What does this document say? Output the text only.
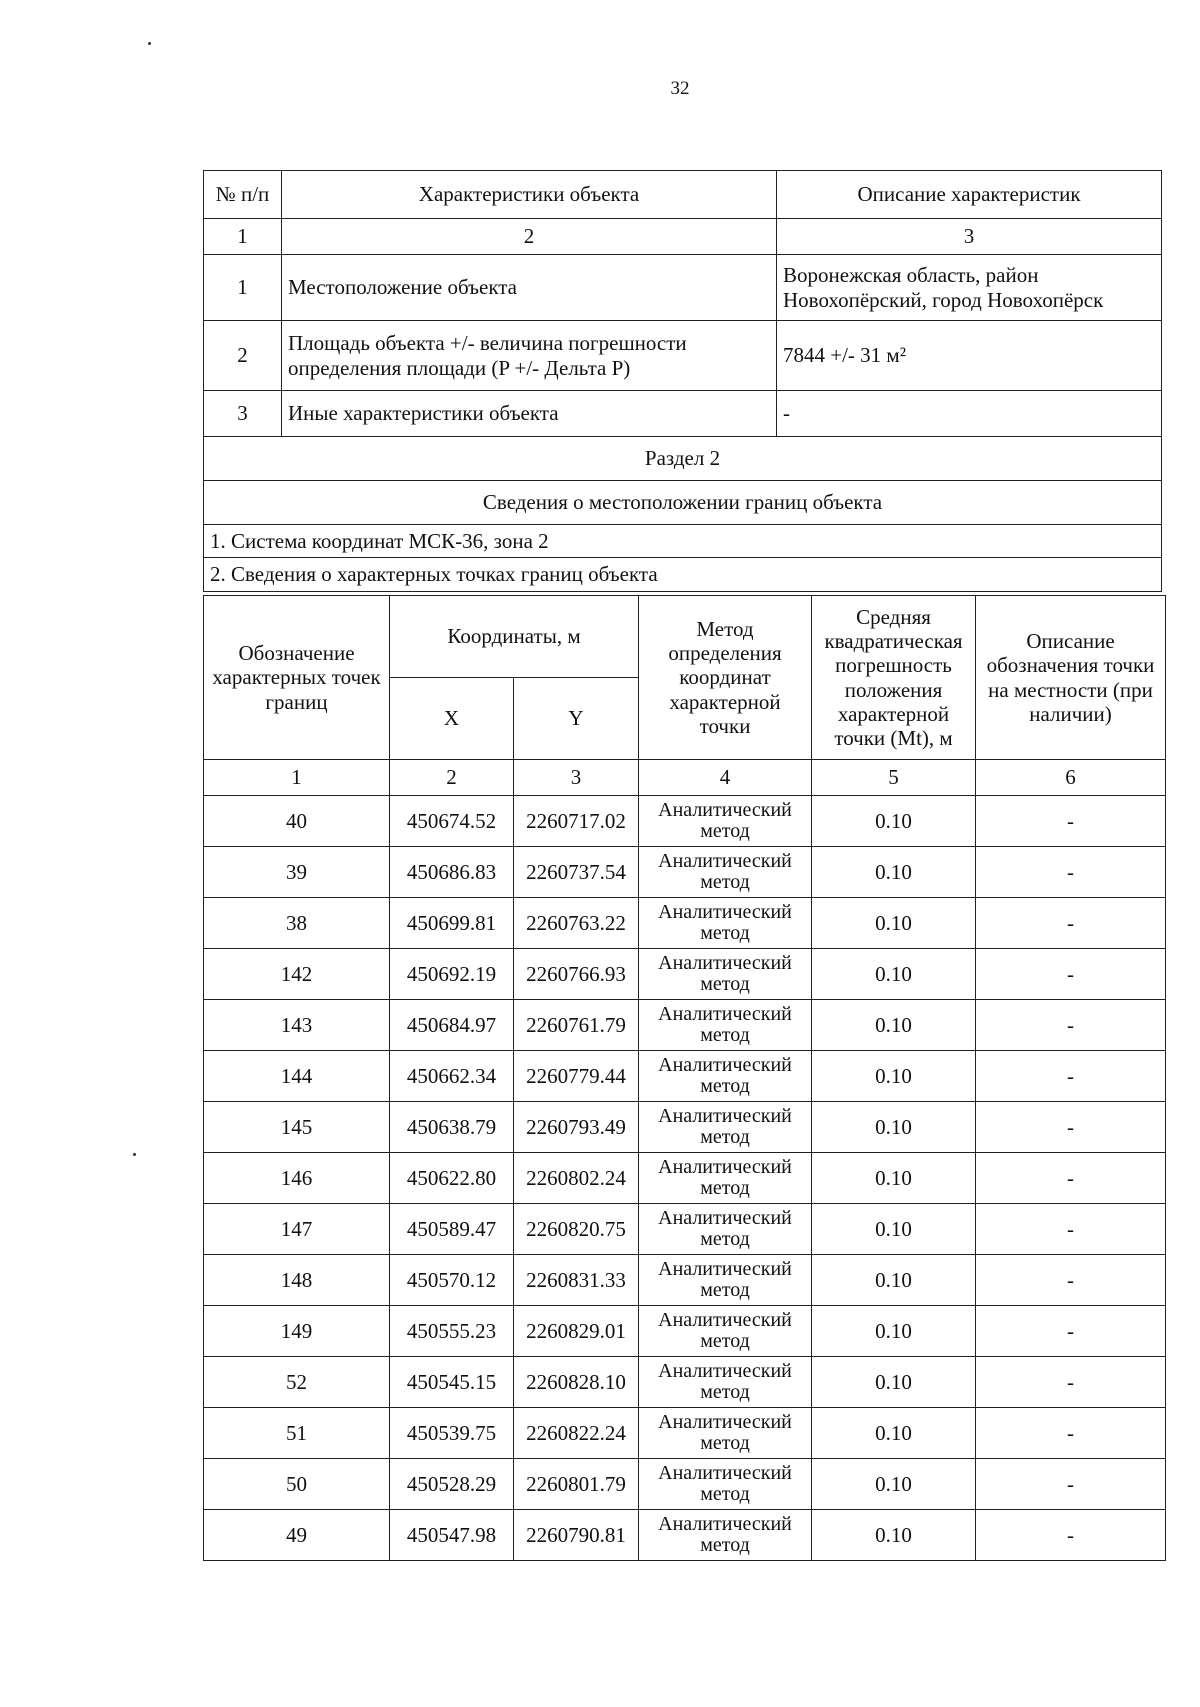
32
№ п/п	Характеристики объекта	Описание характеристик
1	2	3
1	Местоположение объекта	Воронежская область, район Новохопёрский, город Новохопёрск
2	Площадь объекта +/- величина погрешности определения площади (P +/- Дельта P)	7844 +/- 31 м²
3	Иные характеристики объекта	-
Раздел 2		
Сведения о местоположении границ объекта		
1. Система координат МСК-36, зона 2		
2. Сведения о характерных точках границ объекта		
Обозначение характерных точек границ	Координаты, м		Метод определения координат характерной точки	Средняя квадратическая погрешность положения характерной точки (Mt), м	Описание обозначения точки на местности (при наличии)
	X	Y			
1	2	3	4	5	6
40	450674.52	2260717.02	Аналитический метод	0.10	-
39	450686.83	2260737.54	Аналитический метод	0.10	-
38	450699.81	2260763.22	Аналитический метод	0.10	-
142	450692.19	2260766.93	Аналитический метод	0.10	-
143	450684.97	2260761.79	Аналитический метод	0.10	-
144	450662.34	2260779.44	Аналитический метод	0.10	-
145	450638.79	2260793.49	Аналитический метод	0.10	-
146	450622.80	2260802.24	Аналитический метод	0.10	-
147	450589.47	2260820.75	Аналитический метод	0.10	-
148	450570.12	2260831.33	Аналитический метод	0.10	-
149	450555.23	2260829.01	Аналитический метод	0.10	-
52	450545.15	2260828.10	Аналитический метод	0.10	-
51	450539.75	2260822.24	Аналитический метод	0.10	-
50	450528.29	2260801.79	Аналитический метод	0.10	-
49	450547.98	2260790.81	Аналитический метод	0.10	-
